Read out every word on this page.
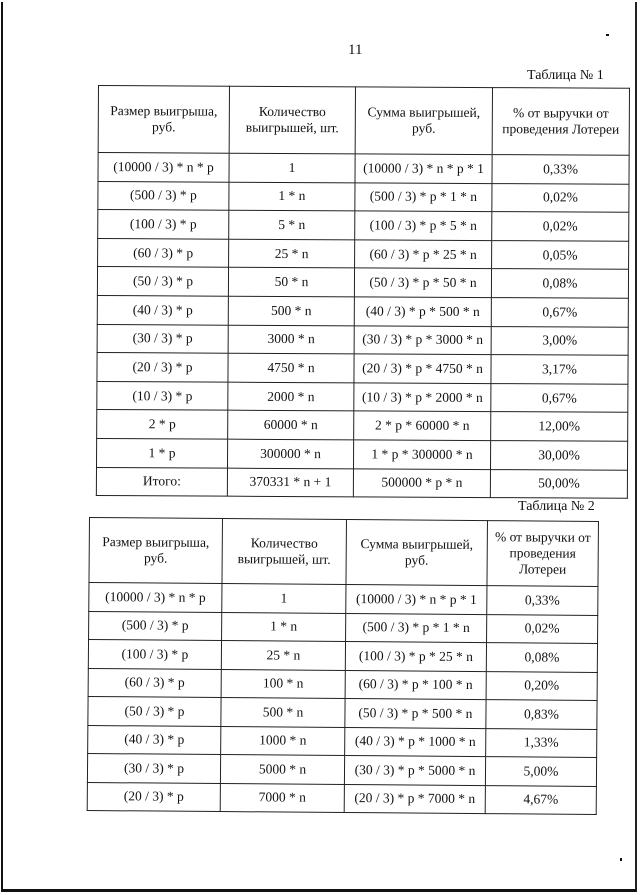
11
Таблица № 1
Размер выигрыша, руб.	Количество выигрышей, шт.	Сумма выигрышей, руб.	% от выручки от проведения Лотереи
(10000 / 3) * n * p	1	(10000 / 3) * n * p * 1	0,33%
(500 / 3) * p	1 * n	(500 / 3) * p * 1 * n	0,02%
(100 / 3) * p	5 * n	(100 / 3) * p * 5 * n	0,02%
(60 / 3) * p	25 * n	(60 / 3) * p * 25 * n	0,05%
(50 / 3) * p	50 * n	(50 / 3) * p * 50 * n	0,08%
(40 / 3) * p	500 * n	(40 / 3) * p * 500 * n	0,67%
(30 / 3) * p	3000 * n	(30 / 3) * p * 3000 * n	3,00%
(20 / 3) * p	4750 * n	(20 / 3) * p * 4750 * n	3,17%
(10 / 3) * p	2000 * n	(10 / 3) * p * 2000 * n	0,67%
2 * p	60000 * n	2 * p * 60000 * n	12,00%
1 * p	300000 * n	1 * p * 300000 * n	30,00%
Итого:	370331 * n + 1	500000 * p * n	50,00%
Таблица № 2
Размер выигрыша, руб.	Количество выигрышей, шт.	Сумма выигрышей, руб.	% от выручки от проведения Лотереи
(10000 / 3) * n * p	1	(10000 / 3) * n * p * 1	0,33%
(500 / 3) * p	1 * n	(500 / 3) * p * 1 * n	0,02%
(100 / 3) * p	25 * n	(100 / 3) * p * 25 * n	0,08%
(60 / 3) * p	100 * n	(60 / 3) * p * 100 * n	0,20%
(50 / 3) * p	500 * n	(50 / 3) * p * 500 * n	0,83%
(40 / 3) * p	1000 * n	(40 / 3) * p * 1000 * n	1,33%
(30 / 3) * p	5000 * n	(30 / 3) * p * 5000 * n	5,00%
(20 / 3) * p	7000 * n	(20 / 3) * p * 7000 * n	4,67%
